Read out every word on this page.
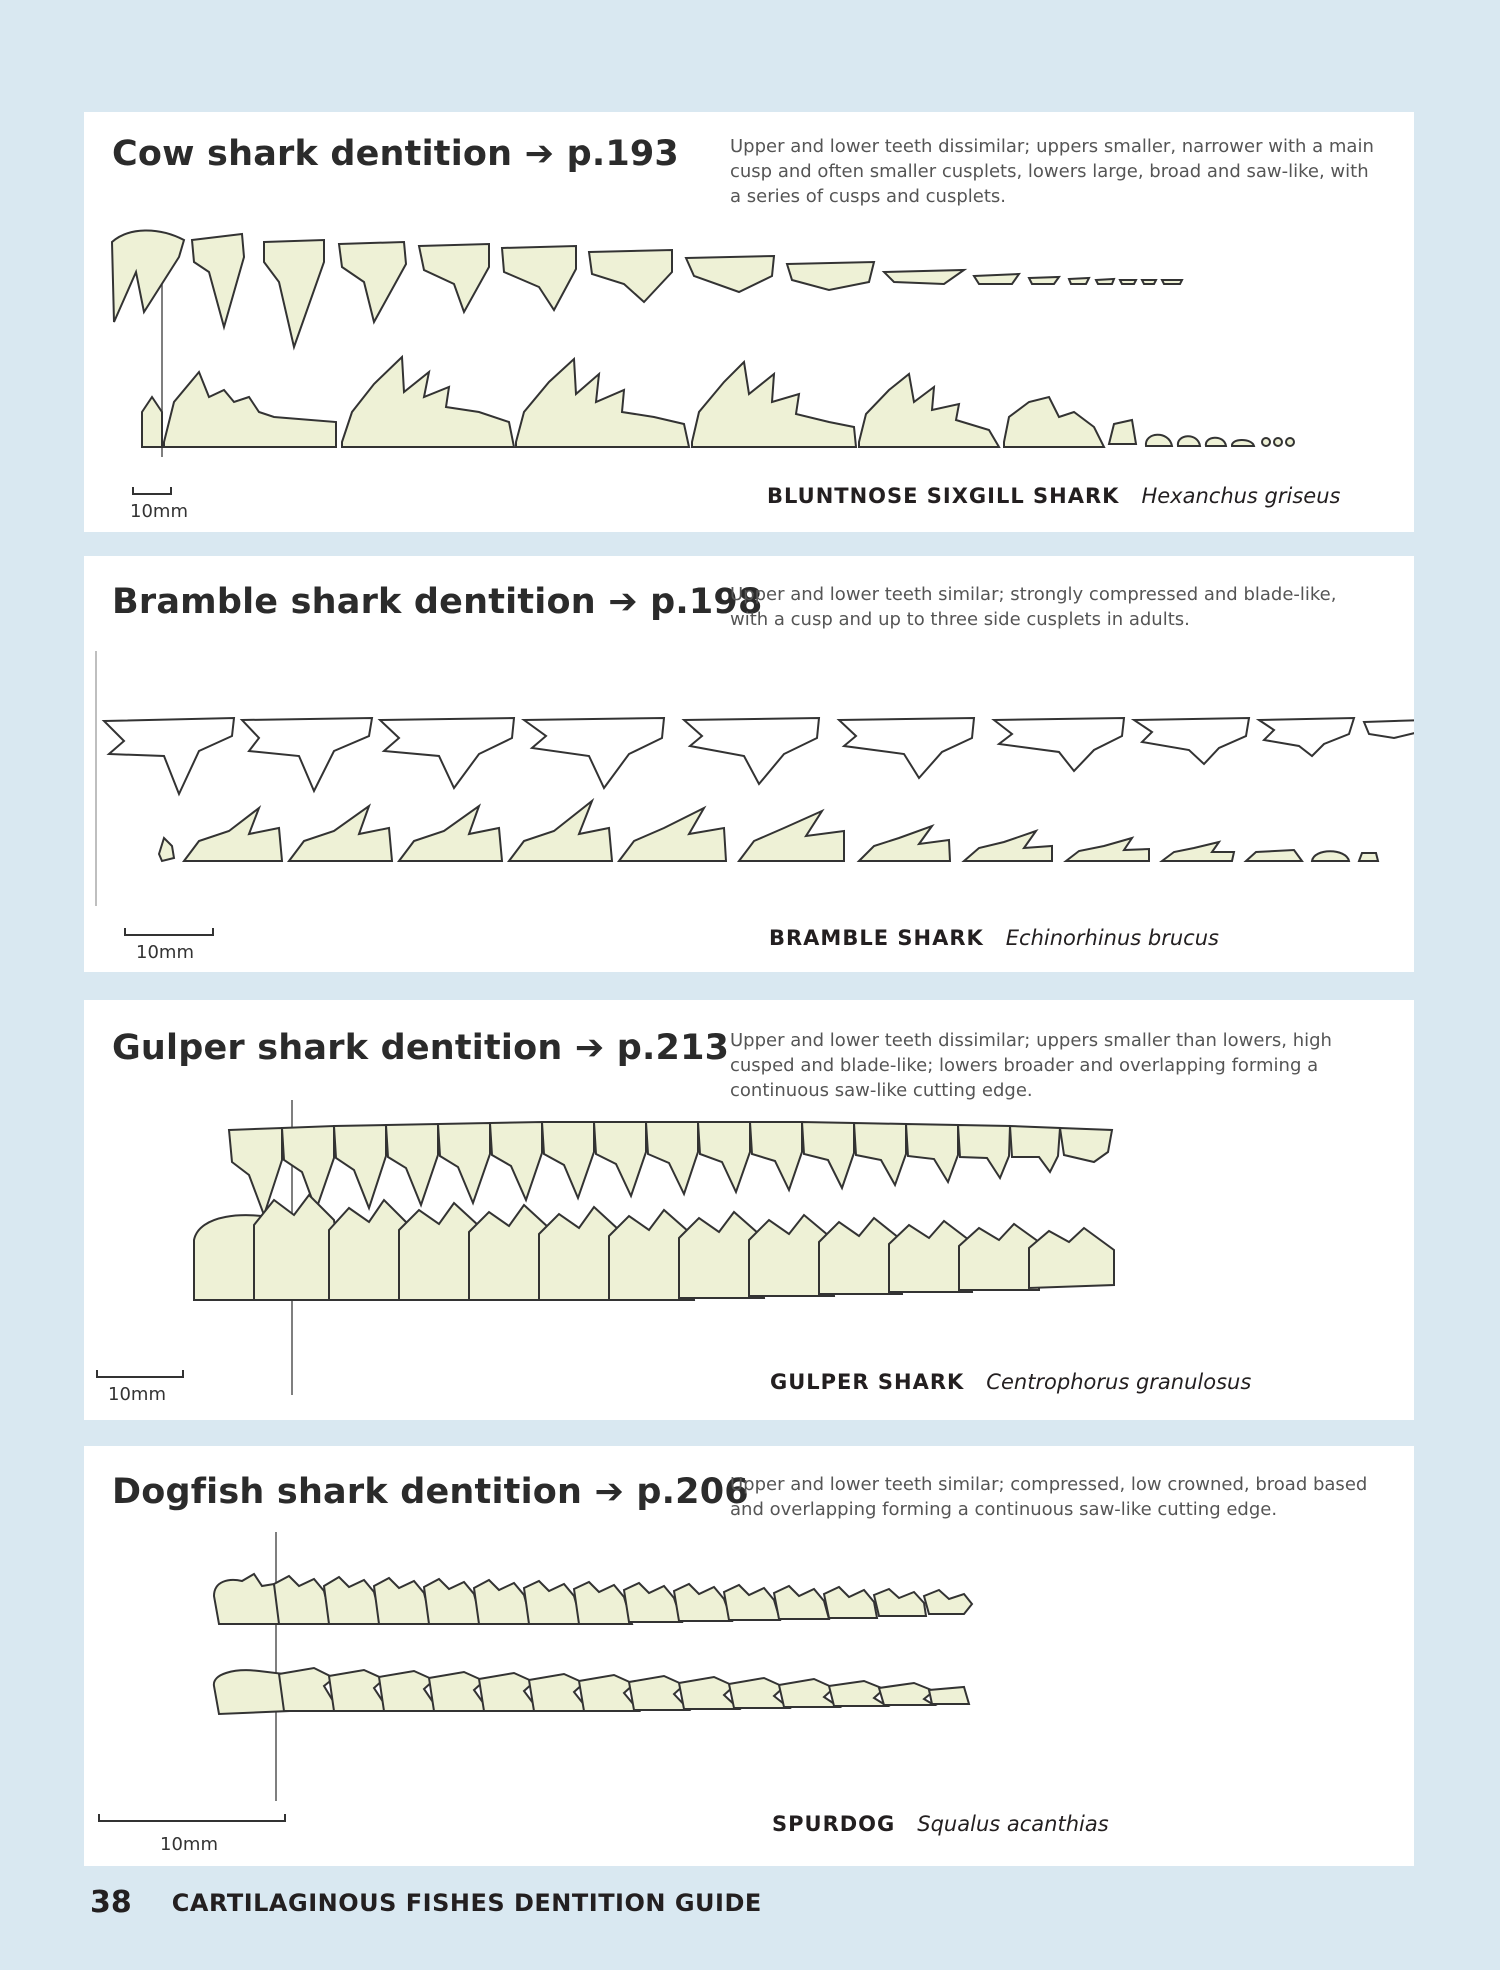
Cow shark dentition ➔ p.193	Upper and lower teeth dissimilar; uppers smaller, narrower with a main cusp and often smaller cusplets, lowers large, broad and saw-like, with a series of cusps and cusplets.
10mm
BLUNTNOSE SIXGILL SHARK Hexanchus griseus
Bramble shark dentition ➔ p.198
Upper and lower teeth similar; strongly compressed and blade-like, with a cusp and up to three side cusplets in adults.
10mm
BRAMBLE SHARK Echinorhinus brucus
Gulper shark dentition ➔ p.213 Upper and lower teeth dissimilar; uppers smaller than lowers, high cusped and blade-like; lowers broader and overlapping forming a continuous saw-like cutting edge.
10mm
GULPER SHARK Centrophorus granulosus
Dogfish shark dentition ➔ p.206
Upper and lower teeth similar; compressed, low crowned, broad based and overlapping forming a continuous saw-like cutting edge.
10mm
SPURDOG Squalus acanthias
38 CARTILAGINOUS FISHES DENTITION GUIDE
